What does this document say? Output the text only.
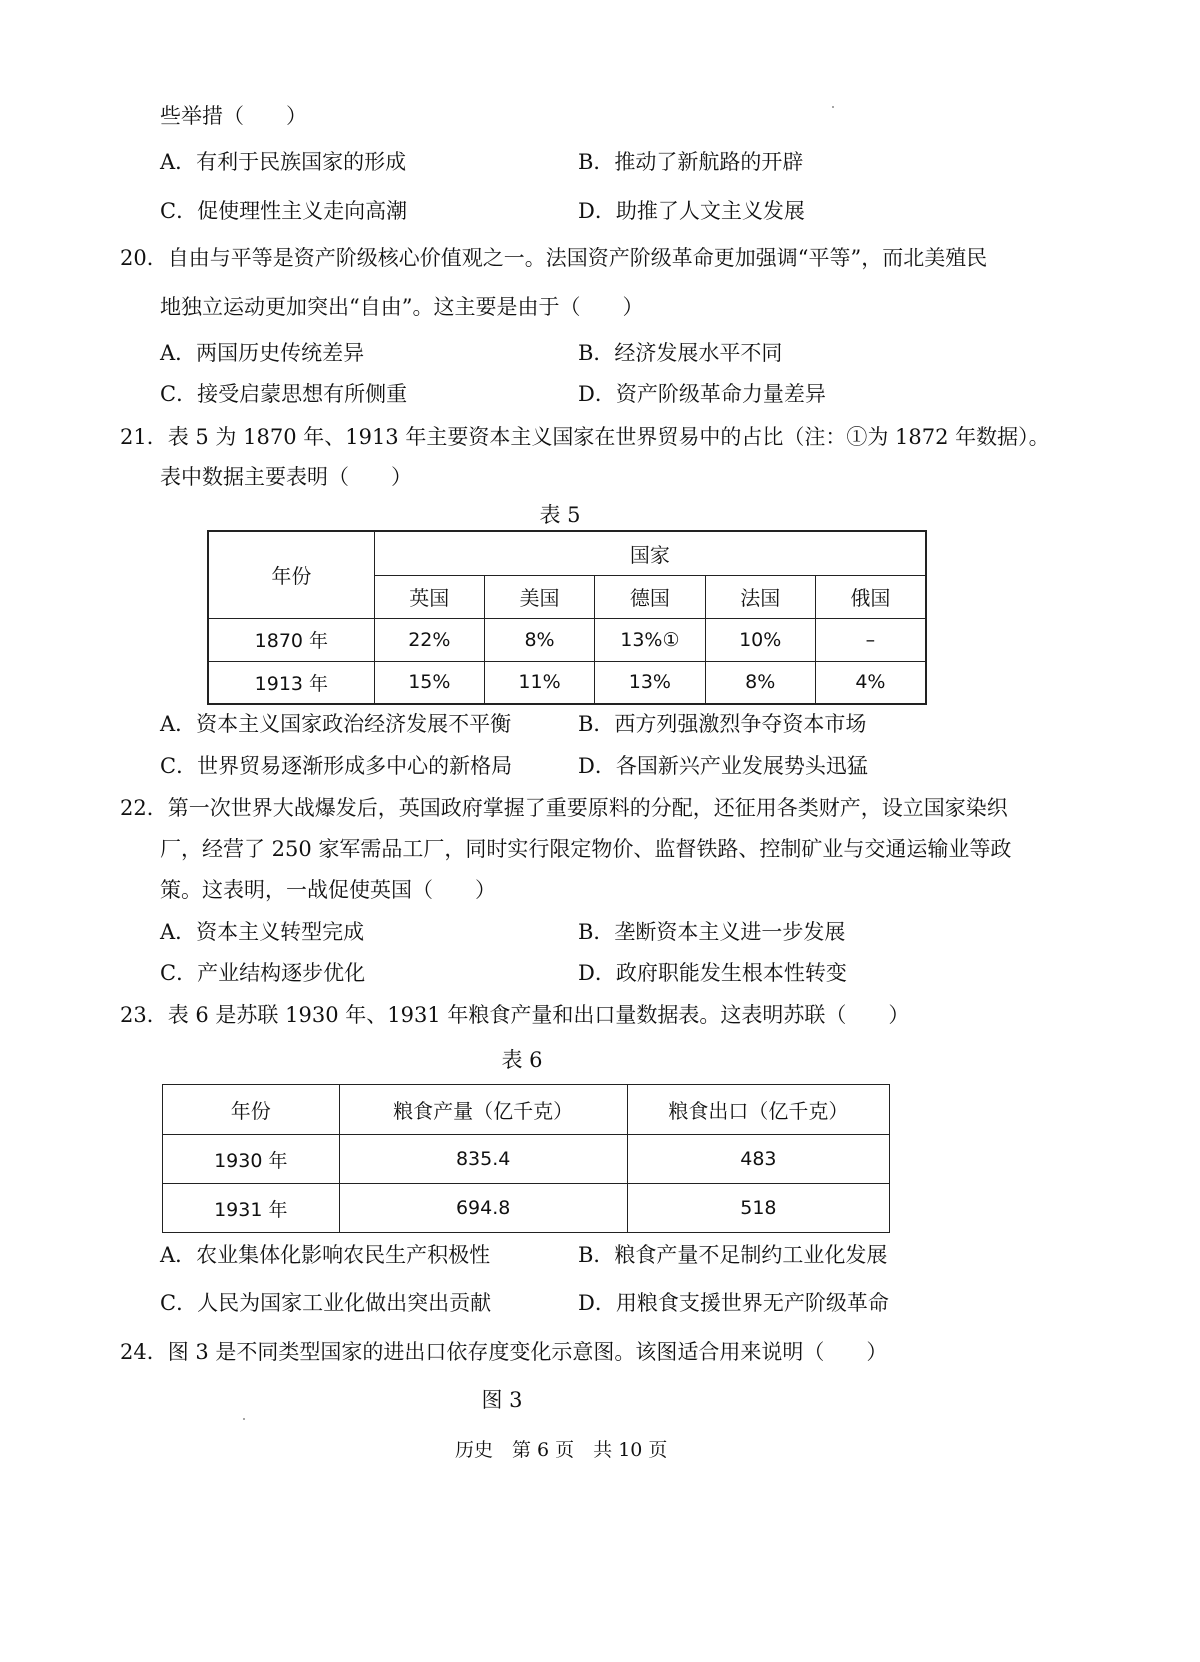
些举措（　　）
A．有利于民族国家的形成	B．推动了新航路的开辟
C．促使理性主义走向高潮	D．助推了人文主义发展
20．自由与平等是资产阶级核心价值观之一。法国资产阶级革命更加强调“平等”，而北美殖民
地独立运动更加突出“自由”。这主要是由于（　　）
A．两国历史传统差异	B．经济发展水平不同
C．接受启蒙思想有所侧重	D．资产阶级革命力量差异
21．表 5 为 1870 年、1913 年主要资本主义国家在世界贸易中的占比（注：①为 1872 年数据）。
表中数据主要表明（　　）
表 5
年份	国家				
	英国	美国	德国	法国	俄国
1870 年	22%	8%	13%①	10%	–
1913 年	15%	11%	13%	8%	4%
A．资本主义国家政治经济发展不平衡	B．西方列强激烈争夺资本市场
C．世界贸易逐渐形成多中心的新格局	D．各国新兴产业发展势头迅猛
22．第一次世界大战爆发后，英国政府掌握了重要原料的分配，还征用各类财产，设立国家染织
厂，经营了 250 家军需品工厂，同时实行限定物价、监督铁路、控制矿业与交通运输业等政
策。这表明，一战促使英国（　　）
A．资本主义转型完成	B．垄断资本主义进一步发展
C．产业结构逐步优化	D．政府职能发生根本性转变
23．表 6 是苏联 1930 年、1931 年粮食产量和出口量数据表。这表明苏联（　　）
表 6
年份	粮食产量（亿千克）	粮食出口（亿千克）
1930 年	835.4	483
1931 年	694.8	518
A．农业集体化影响农民生产积极性	B．粮食产量不足制约工业化发展
C．人民为国家工业化做出突出贡献	D．用粮食支援世界无产阶级革命
24．图 3 是不同类型国家的进出口依存度变化示意图。该图适合用来说明（　　）
图 3
历史　第 6 页　共 10 页
